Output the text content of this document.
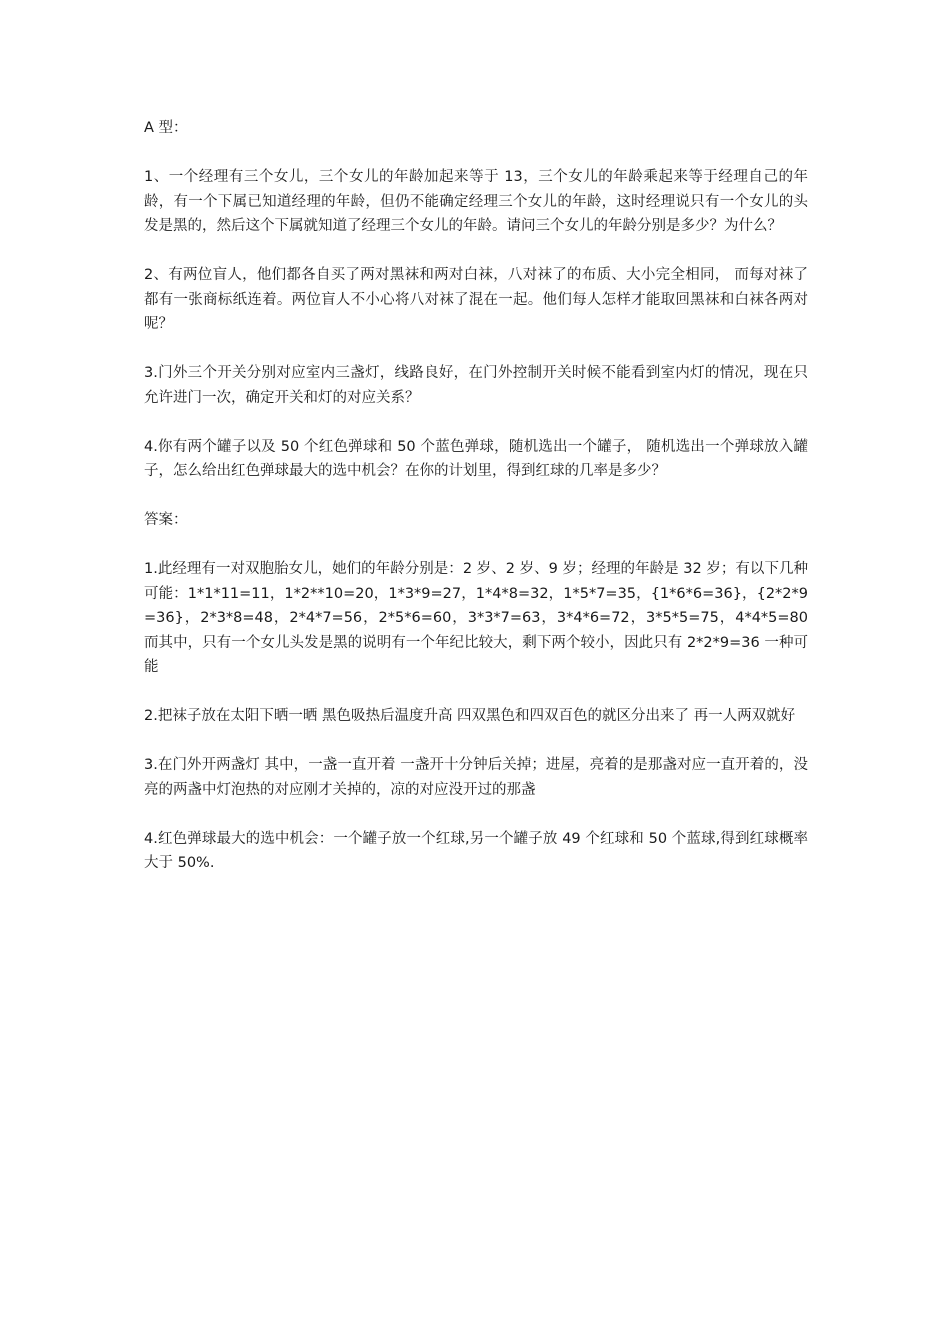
A 型：

1、一个经理有三个女儿，三个女儿的年龄加起来等于 13，三个女儿的年龄乘起来等于经理自己的年龄，有一个下属已知道经理的年龄，但仍不能确定经理三个女儿的年龄，这时经理说只有一个女儿的头发是黑的，然后这个下属就知道了经理三个女儿的年龄。请问三个女儿的年龄分别是多少？为什么？

2、有两位盲人，他们都各自买了两对黑袜和两对白袜，八对袜了的布质、大小完全相同， 而每对袜了都有一张商标纸连着。两位盲人不小心将八对袜了混在一起。他们每人怎样才能取回黑袜和白袜各两对呢？

3.门外三个开关分别对应室内三盏灯，线路良好，在门外控制开关时候不能看到室内灯的情况，现在只允许进门一次，确定开关和灯的对应关系？

4.你有两个罐子以及 50 个红色弹球和 50 个蓝色弹球，随机选出一个罐子， 随机选出一个弹球放入罐子，怎么给出红色弹球最大的选中机会？在你的计划里，得到红球的几率是多少？

答案：

1.此经理有一对双胞胎女儿，她们的年龄分别是：2 岁、2 岁、9 岁；经理的年龄是 32 岁；有以下几种可能：1*1*11=11，1*2**10=20，1*3*9=27，1*4*8=32，1*5*7=35，{1*6*6=36}，{2*2*9=36}，2*3*8=48，2*4*7=56，2*5*6=60，3*3*7=63，3*4*6=72，3*5*5=75，4*4*5=80 而其中，只有一个女儿头发是黑的说明有一个年纪比较大，剩下两个较小，因此只有 2*2*9=36 一种可能

2.把袜子放在太阳下晒一晒 黑色吸热后温度升高 四双黑色和四双百色的就区分出来了 再一人两双就好

3.在门外开两盏灯 其中，一盏一直开着 一盏开十分钟后关掉；进屋，亮着的是那盏对应一直开着的，没亮的两盏中灯泡热的对应刚才关掉的，凉的对应没开过的那盏

4.红色弹球最大的选中机会：一个罐子放一个红球,另一个罐子放 49 个红球和 50 个蓝球,得到红球概率大于 50%.
